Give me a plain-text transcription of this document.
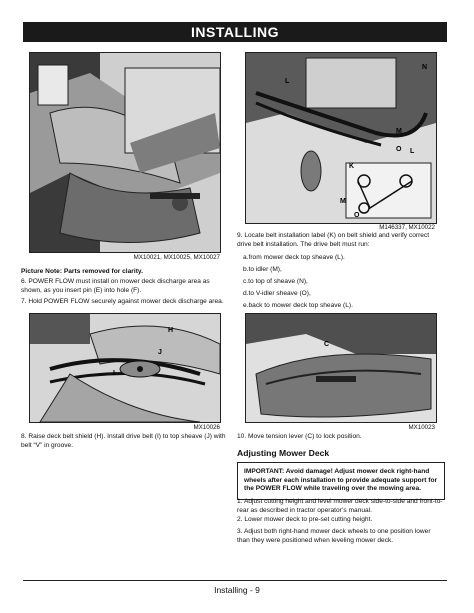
INSTALLING
MX10021, MX10025, MX10027
Picture Note: Parts removed for clarity.
6. POWER FLOW must install on mower deck discharge area as shown, as you insert pin (E) into hole (F).
7. Hold POWER FLOW securely against mower deck discharge area.
N
L
M
O
K
M
O
L
M146337, MX10022
9. Locate belt installation label (K) on belt shield and verify correct drive belt installation. The drive belt must run:
a.from mower deck top sheave (L).
b.to idler (M),
c.to top of sheave (N),
d.to V-idler sheave (O),
e.back to mower deck top sheave (L).
H
J
I
MX10026
8. Raise deck belt shield (H). Install drive belt (I) to top sheave (J) with belt “V” in groove.
C
MX10023
10. Move tension lever (C) to lock position.
Adjusting Mower Deck
IMPORTANT: Avoid damage! Adjust mower deck right-hand wheels after each installation to provide adequate support for the POWER FLOW while traveling over the mowing area.
1. Adjust cutting height and level mower deck side-to-side and front-to-rear as described in tractor operator’s manual.
2. Lower mower deck to pre-set cutting height.
3. Adjust both right-hand mower deck wheels to one position lower than they were positioned when leveling mower deck.
Installing - 9
